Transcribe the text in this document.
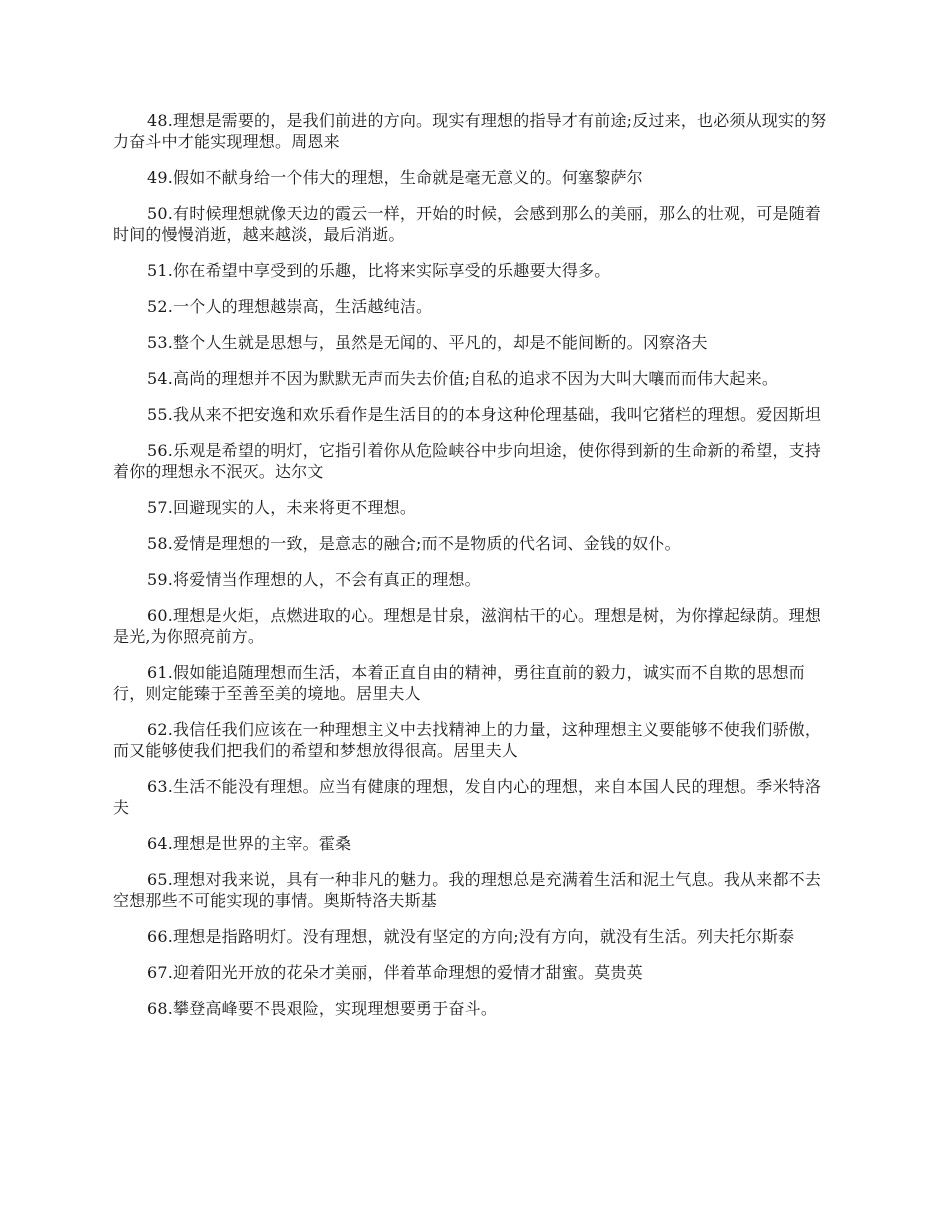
48.理想是需要的，是我们前进的方向。现实有理想的指导才有前途;反过来，也必须从现实的努力奋斗中才能实现理想。周恩来

49.假如不献身给一个伟大的理想，生命就是毫无意义的。何塞黎萨尔

50.有时候理想就像天边的霞云一样，开始的时候，会感到那么的美丽，那么的壮观，可是随着时间的慢慢消逝，越来越淡，最后消逝。

51.你在希望中享受到的乐趣，比将来实际享受的乐趣要大得多。

52.一个人的理想越崇高，生活越纯洁。

53.整个人生就是思想与，虽然是无闻的、平凡的，却是不能间断的。冈察洛夫

54.高尚的理想并不因为默默无声而失去价值;自私的追求不因为大叫大嚷而而伟大起来。

55.我从来不把安逸和欢乐看作是生活目的的本身这种伦理基础，我叫它猪栏的理想。爱因斯坦

56.乐观是希望的明灯，它指引着你从危险峡谷中步向坦途，使你得到新的生命新的希望，支持着你的理想永不泯灭。达尔文

57.回避现实的人，未来将更不理想。

58.爱情是理想的一致，是意志的融合;而不是物质的代名词、金钱的奴仆。

59.将爱情当作理想的人，不会有真正的理想。

60.理想是火炬，点燃进取的心。理想是甘泉，滋润枯干的心。理想是树，为你撑起绿荫。理想是光,为你照亮前方。

61.假如能追随理想而生活，本着正直自由的精神，勇往直前的毅力，诚实而不自欺的思想而行，则定能臻于至善至美的境地。居里夫人

62.我信任我们应该在一种理想主义中去找精神上的力量，这种理想主义要能够不使我们骄傲，而又能够使我们把我们的希望和梦想放得很高。居里夫人

63.生活不能没有理想。应当有健康的理想，发自内心的理想，来自本国人民的理想。季米特洛夫

64.理想是世界的主宰。霍桑

65.理想对我来说，具有一种非凡的魅力。我的理想总是充满着生活和泥土气息。我从来都不去空想那些不可能实现的事情。奥斯特洛夫斯基

66.理想是指路明灯。没有理想，就没有坚定的方向;没有方向，就没有生活。列夫托尔斯泰

67.迎着阳光开放的花朵才美丽，伴着革命理想的爱情才甜蜜。莫贵英

68.攀登高峰要不畏艰险，实现理想要勇于奋斗。
